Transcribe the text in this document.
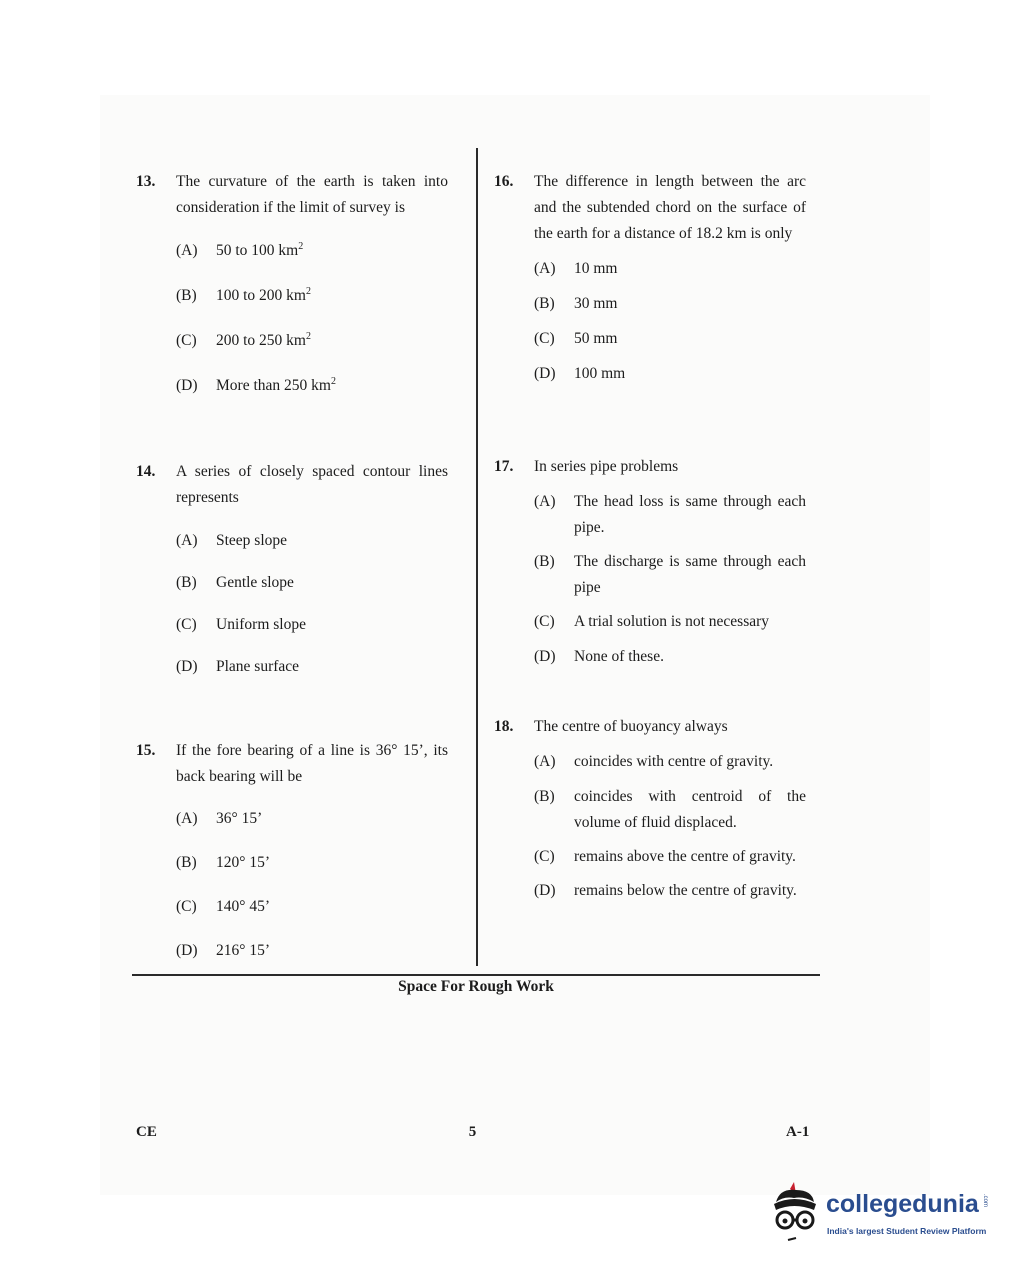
13. The curvature of the earth is taken into consideration if the limit of survey is
(A)	50 to 100 $km^2$
(B)	100 to 200 $km^2$
(C)	200 to 250 $km^2$
(D)	More than 250 $km^2$
14. A series of closely spaced contour lines represents
(A)	Steep slope
(B)	Gentle slope
(C)	Uniform slope
(D)	Plane surface
15. If the fore bearing of a line is 36° 15’, its back bearing will be
(A)	36° 15’
(B)	120° 15’
(C)	140° 45’
(D)	216° 15’
16. The difference in length between the arc and the subtended chord on the surface of the earth for a distance of 18.2 km is only
(A)	10 mm
(B)	30 mm
(C)	50 mm
(D)	100 mm
17. In series pipe problems
(A)	The head loss is same through each pipe.
(B)	The discharge is same through each pipe
(C)	A trial solution is not necessary
(D)	None of these.
18. The centre of buoyancy always
(A)	coincides with centre of gravity.
(B)	coincides with centroid of the volume of fluid displaced.
(C)	remains above the centre of gravity.
(D)	remains below the centre of gravity.
Space For Rough Work
CE	5	A-1
collegedunia .com
India's largest Student Review Platform
